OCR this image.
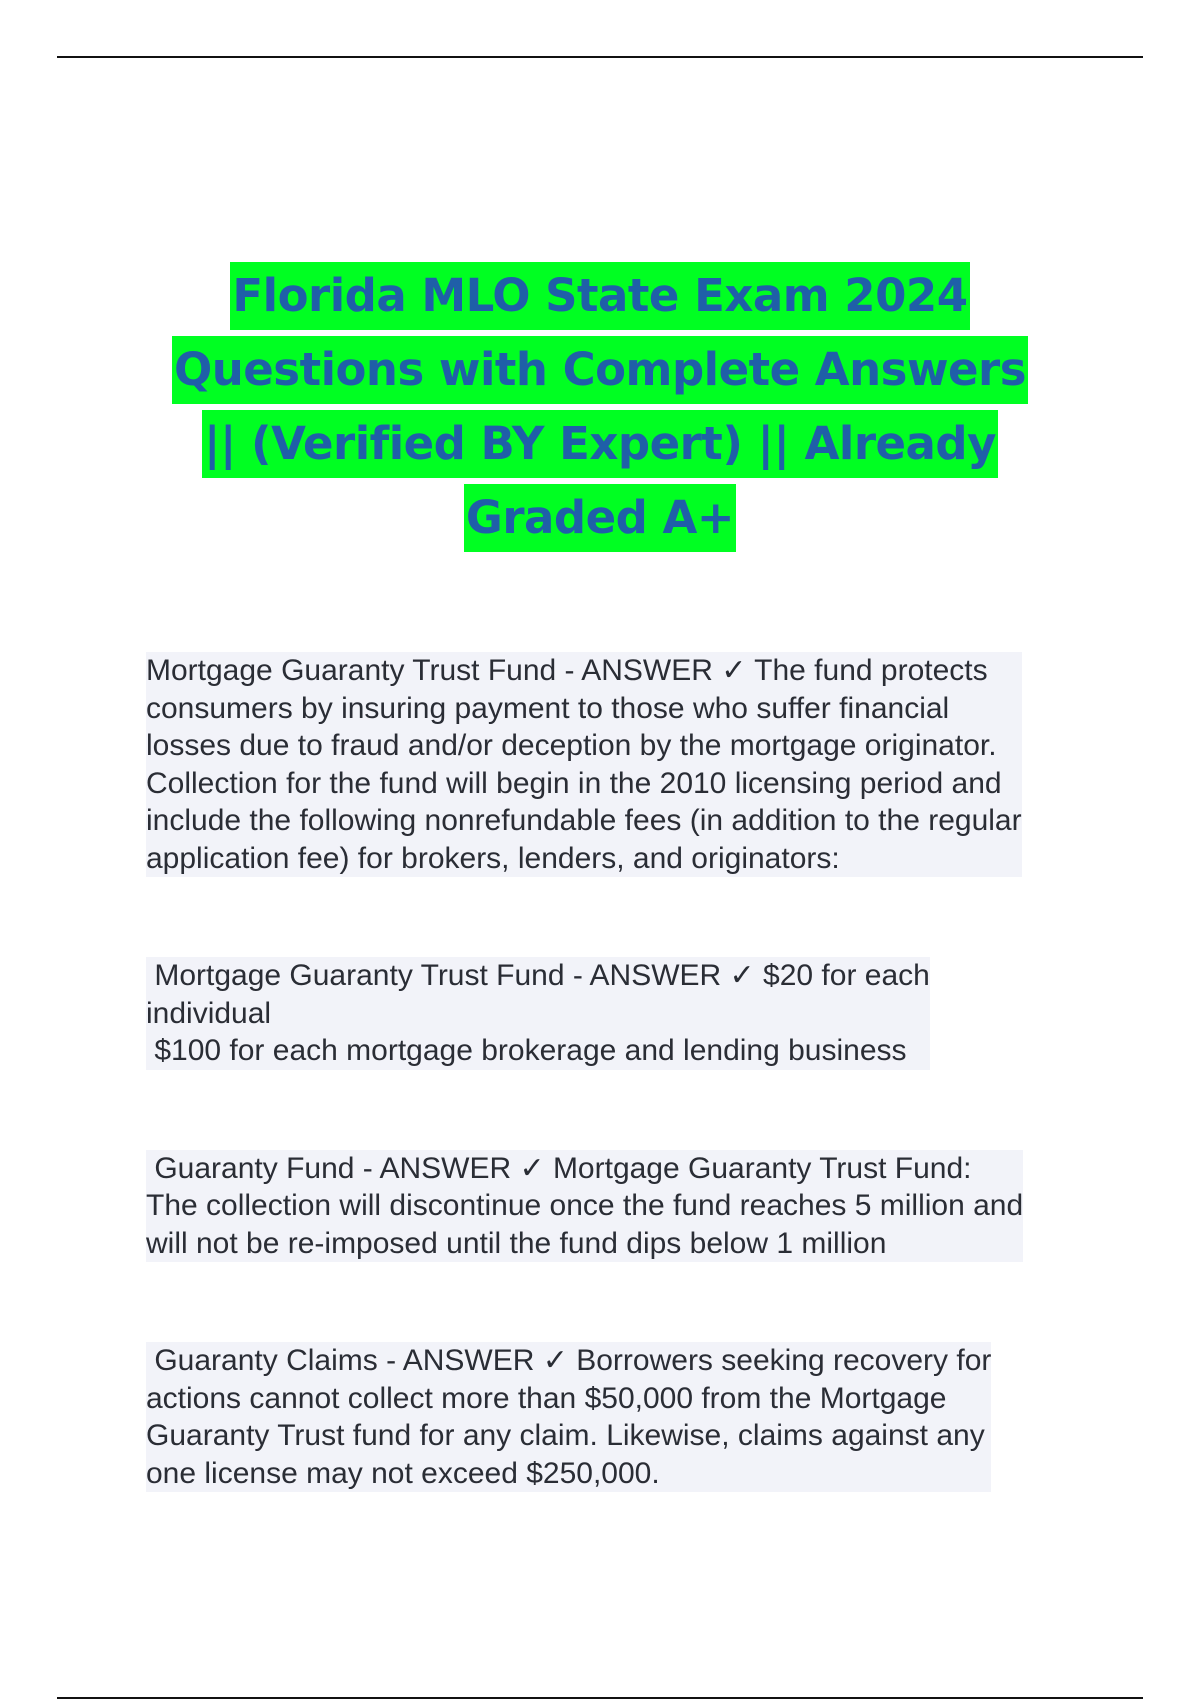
Florida MLO State Exam 2024
Questions with Complete Answers
|| (Verified BY Expert) || Already
Graded A+

Mortgage Guaranty Trust Fund - ANSWER ✓ The fund protects

consumers by insuring payment to those who suffer financial

losses due to fraud and/or deception by the mortgage originator.

Collection for the fund will begin in the 2010 licensing period and

include the following nonrefundable fees (in addition to the regular

application fee) for brokers, lenders, and originators:

Mortgage Guaranty Trust Fund - ANSWER ✓ $20 for each

individual

$100 for each mortgage brokerage and lending business

Guaranty Fund - ANSWER ✓ Mortgage Guaranty Trust Fund:

The collection will discontinue once the fund reaches 5 million and

will not be re-imposed until the fund dips below 1 million

Guaranty Claims - ANSWER ✓ Borrowers seeking recovery for

actions cannot collect more than $50,000 from the Mortgage

Guaranty Trust fund for any claim. Likewise, claims against any

one license may not exceed $250,000.
